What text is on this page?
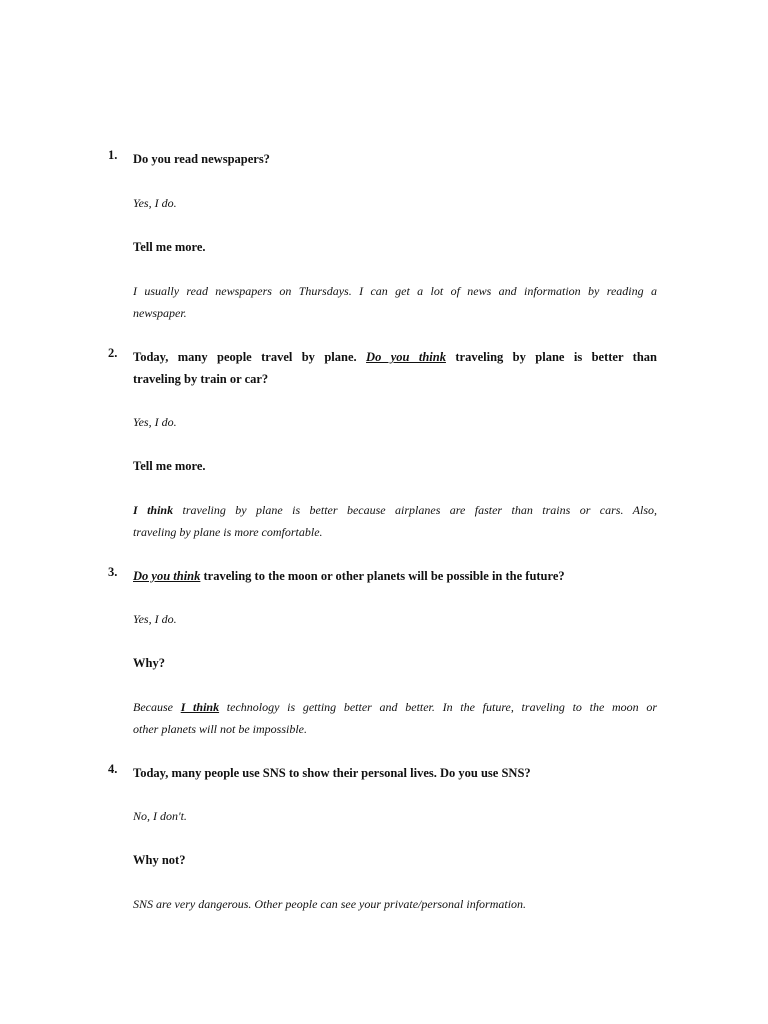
1. Do you read newspapers?
Yes, I do.
Tell me more.
I usually read newspapers on Thursdays. I can get a lot of news and information by reading a
newspaper.
2. Today, many people travel by plane. Do you think traveling by plane is better than
traveling by train or car?
Yes, I do.
Tell me more.
I think traveling by plane is better because airplanes are faster than trains or cars. Also,
traveling by plane is more comfortable.
3. Do you think traveling to the moon or other planets will be possible in the future?
Yes, I do.
Why?
Because I think technology is getting better and better. In the future, traveling to the moon or
other planets will not be impossible.
4. Today, many people use SNS to show their personal lives. Do you use SNS?
No, I don't.
Why not?
SNS are very dangerous. Other people can see your private/personal information.
